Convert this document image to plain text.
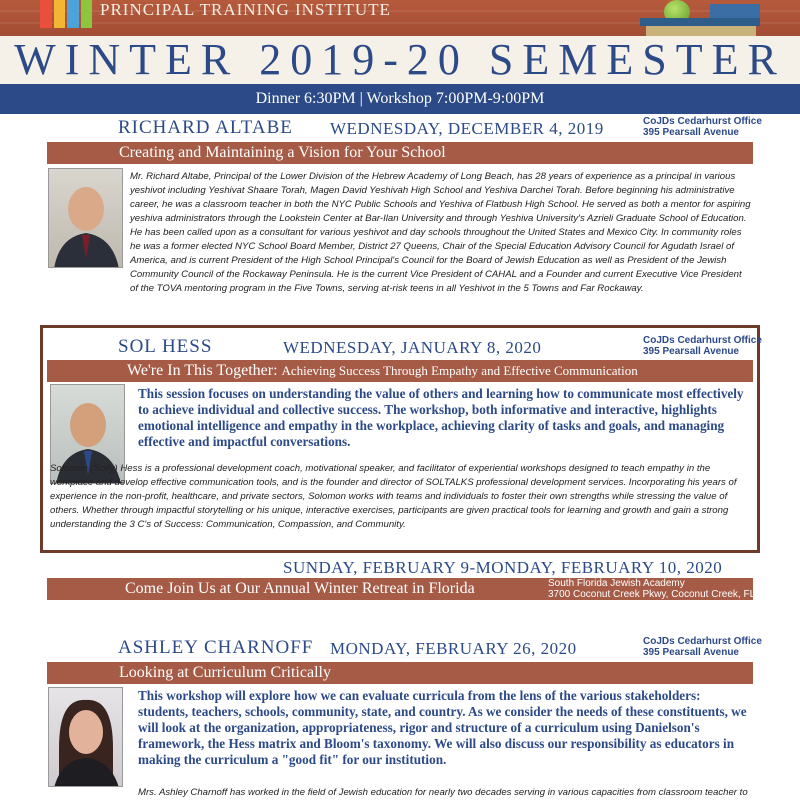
PRINCIPAL TRAINING INSTITUTE
WINTER 2019-20 SEMESTER
Dinner 6:30PM | Workshop 7:00PM-9:00PM
RICHARD ALTABE WEDNESDAY, DECEMBER 4, 2019	CoJDs Cedarhurst Office
395 Pearsall Avenue
Creating and Maintaining a Vision for Your School
Mr. Richard Altabe, Principal of the Lower Division of the Hebrew Academy of Long Beach, has 28 years of experience as a principal in various yeshivot including Yeshivat Shaare Torah, Magen David Yeshivah High School and Yeshiva Darchei Torah. Before beginning his administrative career, he was a classroom teacher in both the NYC Public Schools and Yeshiva of Flatbush High School. He served as both a mentor for aspiring yeshiva administrators through the Lookstein Center at Bar-Ilan University and through Yeshiva University's Azrieli Graduate School of Education. He has been called upon as a consultant for various yeshivot and day schools throughout the United States and Mexico City. In community roles he was a former elected NYC School Board Member, District 27 Queens, Chair of the Special Education Advisory Council for Agudath Israel of America, and is current President of the High School Principal's Council for the Board of Jewish Education as well as President of the Jewish Community Council of the Rockaway Peninsula. He is the current Vice President of CAHAL and a Founder and current Executive Vice President of the TOVA mentoring program in the Five Towns, serving at-risk teens in all Yeshivot in the 5 Towns and Far Rockaway.
SOL HESS	WEDNESDAY, JANUARY 8, 2020	CoJDs Cedarhurst Office
395 Pearsall Avenue
We're In This Together: Achieving Success Through Empathy and Effective Communication
This session focuses on understanding the value of others and learning how to communicate most effectively to achieve individual and collective success. The workshop, both informative and interactive, highlights emotional intelligence and empathy in the workplace, achieving clarity of tasks and goals, and managing effective and impactful conversations.
Solomon (Solly) Hess is a professional development coach, motivational speaker, and facilitator of experiential workshops designed to teach empathy in the workplace and develop effective communication tools, and is the founder and director of SOLTALKS professional development services. Incorporating his years of experience in the non-profit, healthcare, and private sectors, Solomon works with teams and individuals to foster their own strengths while stressing the value of others. Whether through impactful storytelling or his unique, interactive exercises, participants are given practical tools for learning and growth and gain a strong understanding the 3 C's of Success: Communication, Compassion, and Community.
SUNDAY, FEBRUARY 9-MONDAY, FEBRUARY 10, 2020
Come Join Us at Our Annual Winter Retreat in Florida	South Florida Jewish Academy
3700 Coconut Creek Pkwy, Coconut Creek, FL 33066
ASHLEY CHARNOFF MONDAY, FEBRUARY 26, 2020	CoJDs Cedarhurst Office
395 Pearsall Avenue
Looking at Curriculum Critically
This workshop will explore how we can evaluate curricula from the lens of the various stakeholders: students, teachers, schools, community, state, and country. As we consider the needs of these constituents, we will look at the organization, appropriateness, rigor and structure of a curriculum using Danielson's framework, the Hess matrix and Bloom's taxonomy. We will also discuss our responsibility as educators in making the curriculum a "good fit" for our institution.
Mrs. Ashley Charnoff has worked in the field of Jewish education for nearly two decades serving in various capacities from classroom teacher to
